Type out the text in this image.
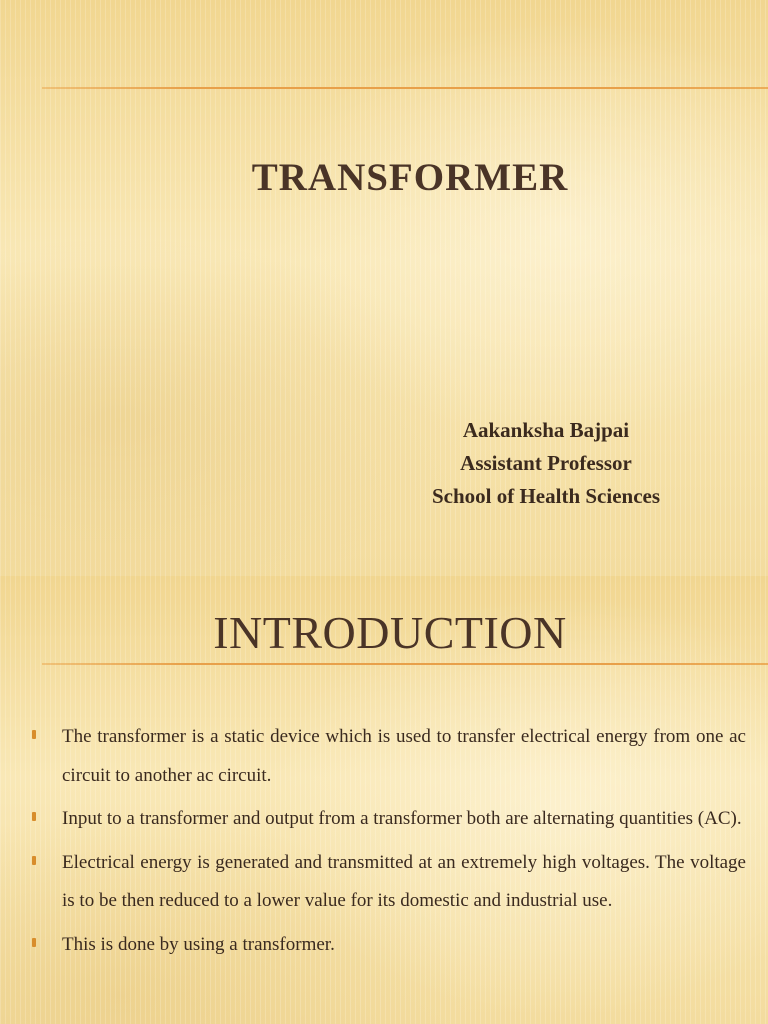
TRANSFORMER
Aakanksha Bajpai
Assistant Professor
School of Health Sciences
INTRODUCTION
The transformer is a static device which is used to transfer electrical energy from one ac circuit to another ac circuit.
Input to a transformer and output from a transformer both are alternating quantities (AC).
Electrical energy is generated and transmitted at an extremely high voltages. The voltage is to be then reduced to a lower value for its domestic and industrial use.
This is done by using a transformer.
